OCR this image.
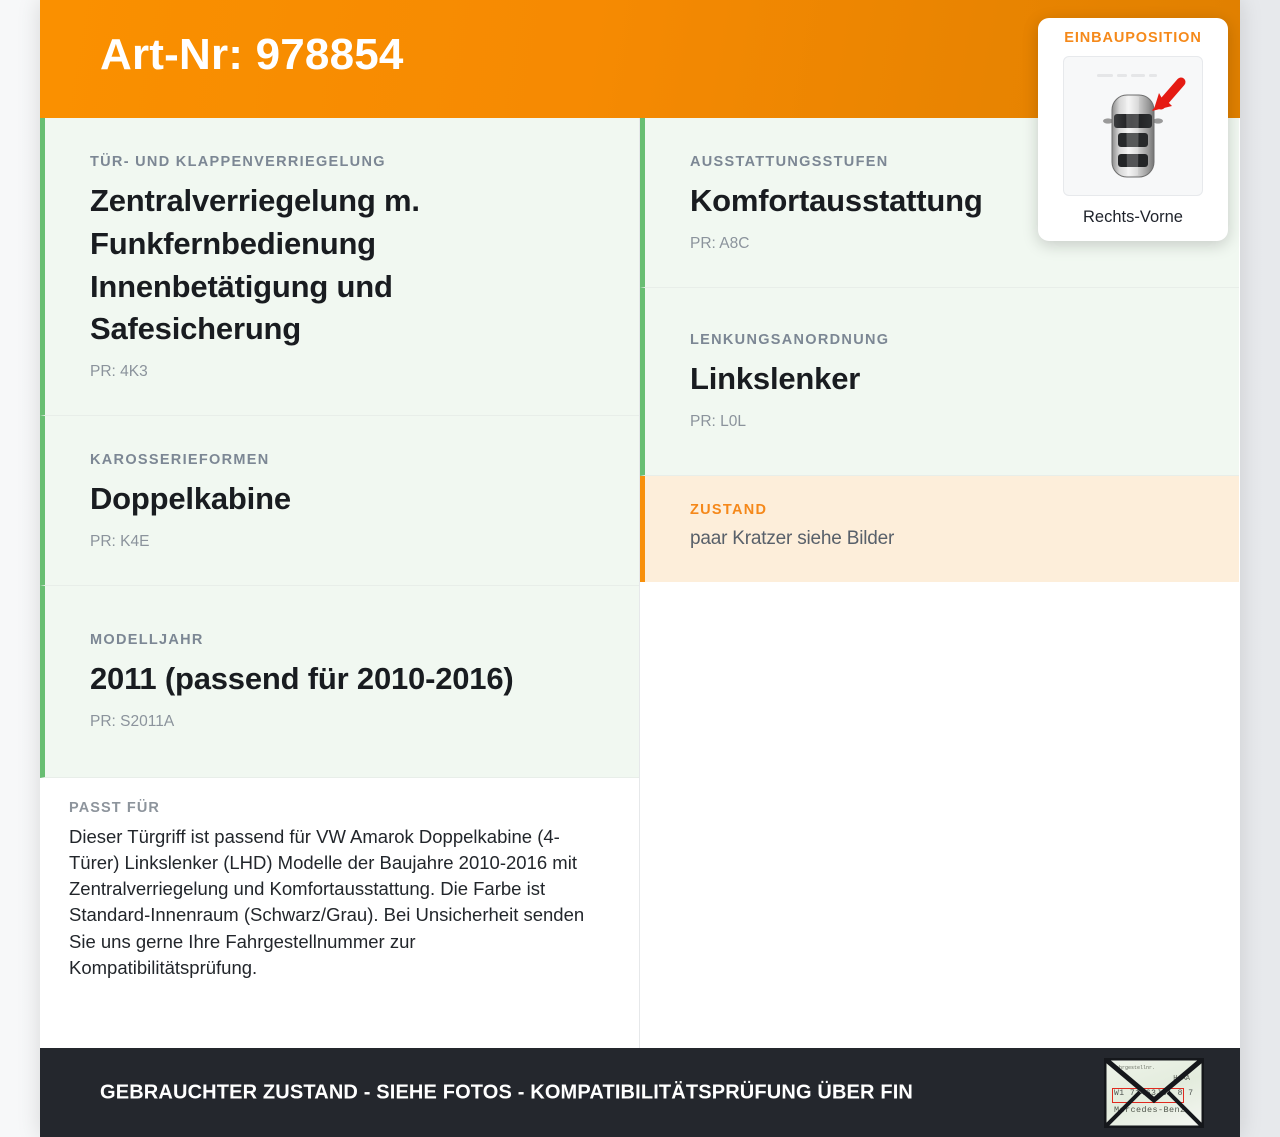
Art-Nr: 978854
TÜR- UND KLAPPENVERRIEGELUNG
Zentralverriegelung m. Funkfernbedienung Innenbetätigung und Safesicherung
PR: 4K3
KAROSSERIEFORMEN
Doppelkabine
PR: K4E
MODELLJAHR
2011 (passend für 2010-2016)
PR: S2011A
PASST FÜR
Dieser Türgriff ist passend für VW Amarok Doppelkabine (4-Türer) Linkslenker (LHD) Modelle der Baujahre 2010-2016 mit Zentralverriegelung und Komfortausstattung. Die Farbe ist Standard-Innenraum (Schwarz/Grau). Bei Unsicherheit senden Sie uns gerne Ihre Fahrgestellnummer zur Kompatibilitätsprüfung.
AUSSTATTUNGSSTUFEN
Komfortausstattung
PR: A8C
LENKUNGSANORDNUNG
Linkslenker
PR: L0L
ZUSTAND
paar Kratzer siehe Bilder
EINBAUPOSITION
Rechts-Vorne
GEBRAUCHTER ZUSTAND - SIEHE FOTOS - KOMPATIBILITÄTSPRÜFUNG ÜBER FIN
Fahrgestellnr.
H AA
W1 71463J31 8 7
Mercedes-Benz
